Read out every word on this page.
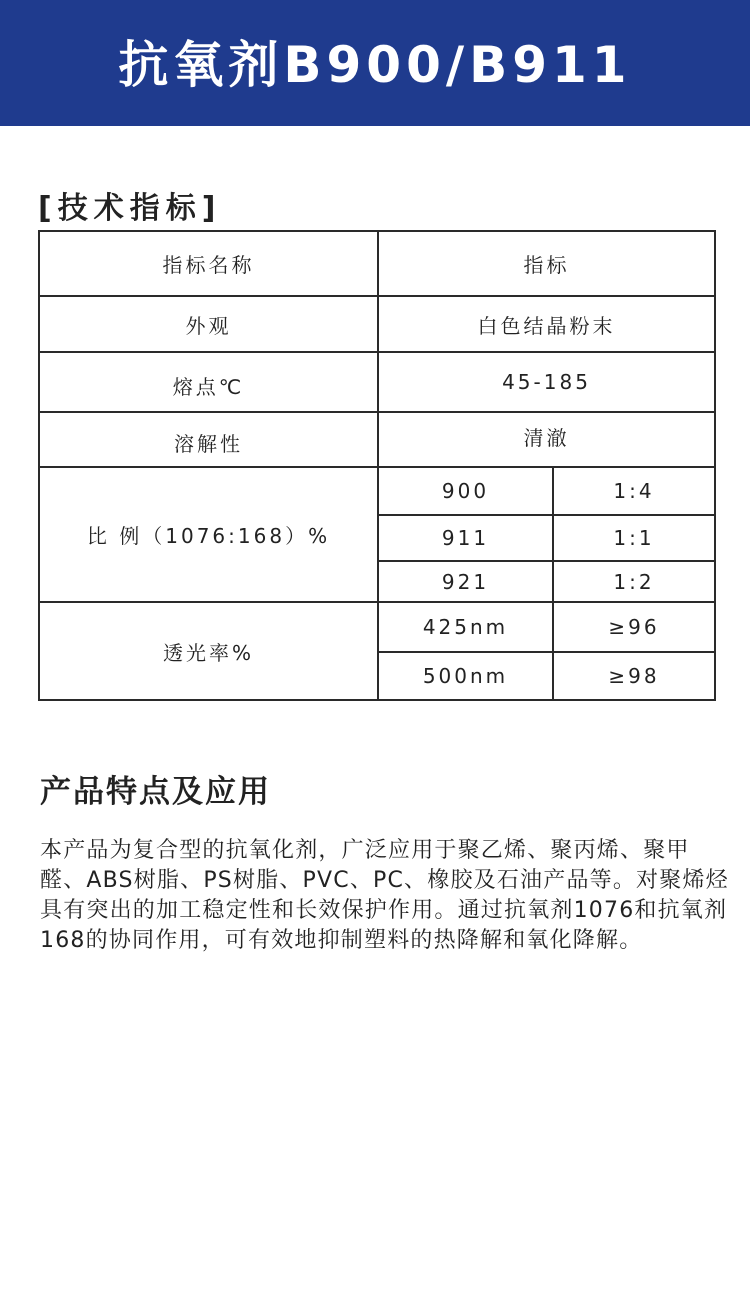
抗氧剂B900/B911
[技术指标]
指标名称	指标	
外观	白色结晶粉末	
熔点℃	45-185	
溶解性	清澈	
比 例（1076:168）%	900	1:4
	911	1:1
	921	1:2
透光率%	425nm	≥96
	500nm	≥98
产品特点及应用

本产品为复合型的抗氧化剂，广泛应用于聚乙烯、聚丙烯、聚甲醛、ABS树脂、PS树脂、PVC、PC、橡胶及石油产品等。对聚烯烃具有突出的加工稳定性和长效保护作用。通过抗氧剂1076和抗氧剂168的协同作用，可有效地抑制塑料的热降解和氧化降解。
